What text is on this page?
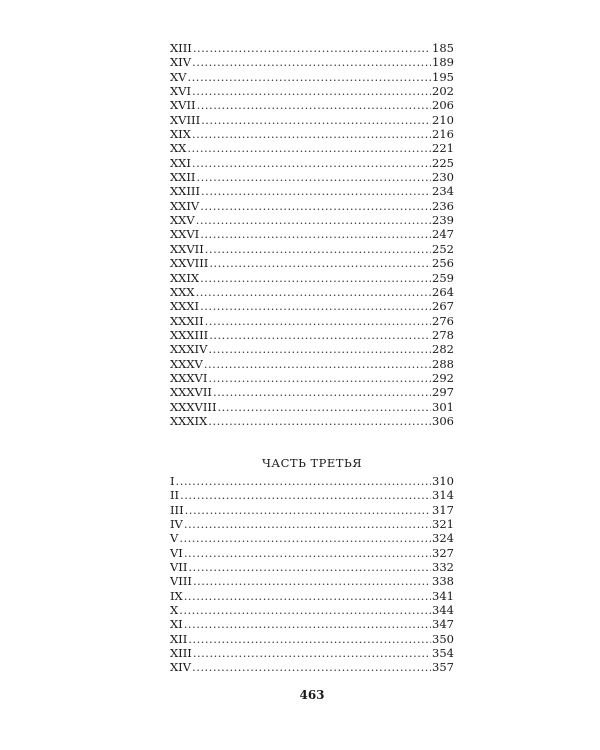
XIII .....	185
XIV .....	189
XV .....	195
XVI .....	202
XVII .....	206
XVIII .....	210
XIX .....	216
XX .....	221
XXI .....	225
XXII .....	230
XXIII .....	234
XXIV .....	236
XXV .....	239
XXVI .....	247
XXVII .....	252
XXVIII .....	256
XXIX .....	259
XXX .....	264
XXXI .....	267
XXXII .....	276
XXXIII .....	278
XXXIV .....	282
XXXV .....	288
XXXVI .....	292
XXXVII .....	297
XXXVIII .....	301
XXXIX .....	306
ЧАСТЬ ТРЕТЬЯ
I .....	310
II .....	314
III .....	317
IV .....	321
V .....	324
VI .....	327
VII .....	332
VIII .....	338
IX .....	341
X .....	344
XI .....	347
XII .....	350
XIII .....	354
XIV .....	357
463
